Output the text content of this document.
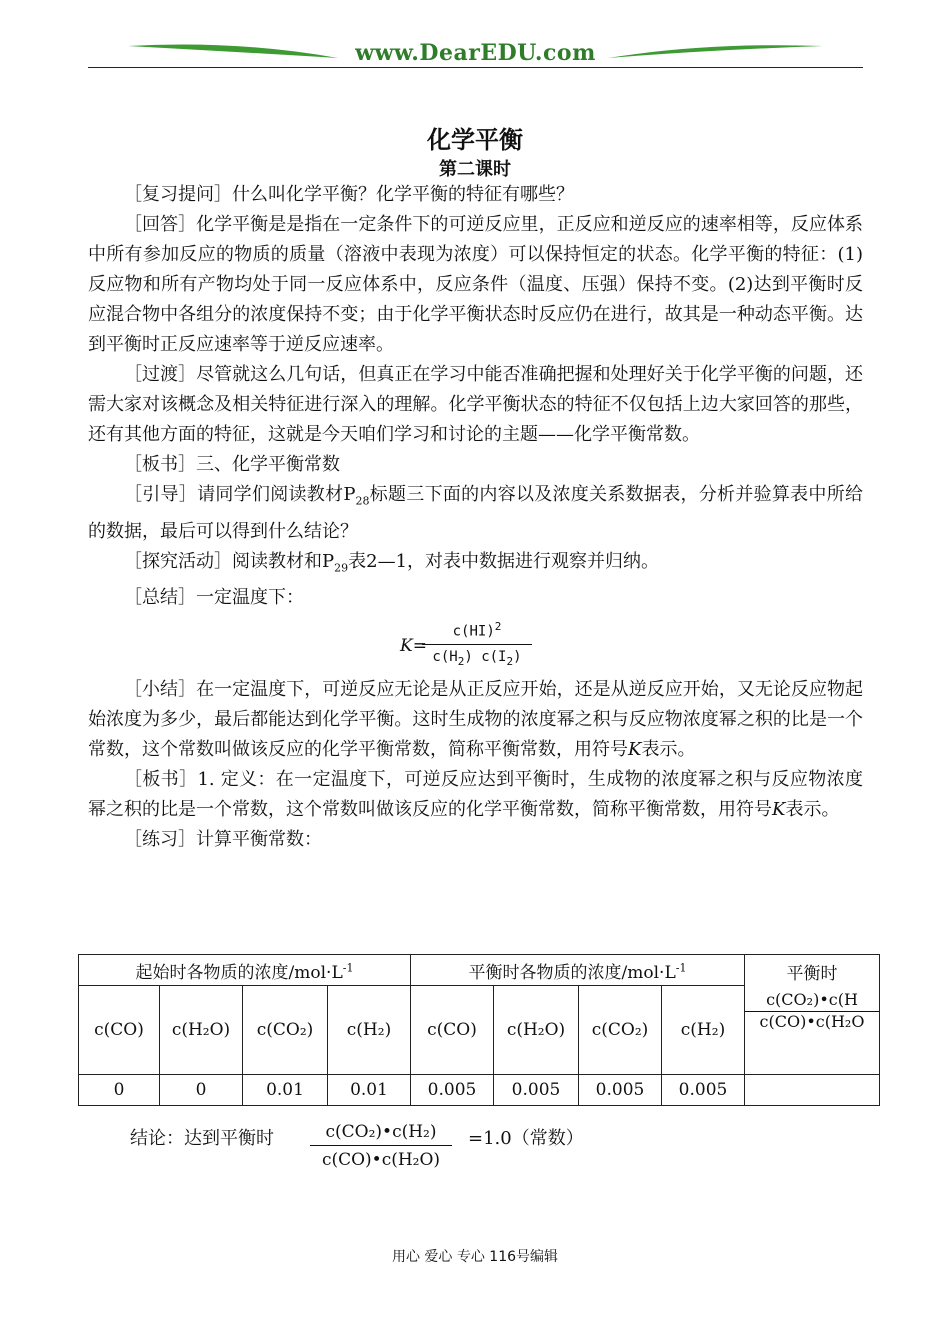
www.DearEDU.com
化学平衡
第二课时

［复习提问］什么叫化学平衡？化学平衡的特征有哪些？

［回答］化学平衡是是指在一定条件下的可逆反应里，正反应和逆反应的速率相等，反应体系中所有参加反应的物质的质量（溶液中表现为浓度）可以保持恒定的状态。化学平衡的特征：(1)反应物和所有产物均处于同一反应体系中，反应条件（温度、压强）保持不变。(2)达到平衡时反应混合物中各组分的浓度保持不变；由于化学平衡状态时反应仍在进行，故其是一种动态平衡。达到平衡时正反应速率等于逆反应速率。

［过渡］尽管就这么几句话，但真正在学习中能否准确把握和处理好关于化学平衡的问题，还需大家对该概念及相关特征进行深入的理解。化学平衡状态的特征不仅包括上边大家回答的那些，还有其他方面的特征，这就是今天咱们学习和讨论的主题——化学平衡常数。

［板书］三、化学平衡常数

［引导］请同学们阅读教材$P_{28}$标题三下面的内容以及浓度关系数据表，分析并验算表中所给的数据，最后可以得到什么结论？

［探究活动］阅读教材和$P_{29}$表2—1，对表中数据进行观察并归纳。

［总结］一定温度下：

K=
$\frac{c(HI)^2}{c(H_2) c(I_2)}$

［小结］在一定温度下，可逆反应无论是从正反应开始，还是从逆反应开始，又无论反应物起始浓度为多少，最后都能达到化学平衡。这时生成物的浓度幂之积与反应物浓度幂之积的比是一个常数，这个常数叫做该反应的化学平衡常数，简称平衡常数，用符号K表示。

［板书］1. 定义：在一定温度下，可逆反应达到平衡时，生成物的浓度幂之积与反应物浓度幂之积的比是一个常数，这个常数叫做该反应的化学平衡常数，简称平衡常数，用符号K表示。

［练习］计算平衡常数：

起始时各物质的浓度$/mol\cdot L^{-1}$				平衡时各物质的浓度$/mol\cdot L^{-1}$				平衡时
c(CO₂)•c(H
c(CO)•c(H₂O

c(CO)	c(H₂O)	c(CO₂)	c(H₂)	c(CO)	c(H₂O)	c(CO₂)	c(H₂)	
0	0	0.01	0.01	0.005	0.005	0.005	0.005	
结论：达到平衡时 $\frac{\text{c(CO₂)•c(H₂)}}{\text{c(CO)•c(H₂O)}} =1.0$（常数）
用心 爱心 专心 116号编辑
